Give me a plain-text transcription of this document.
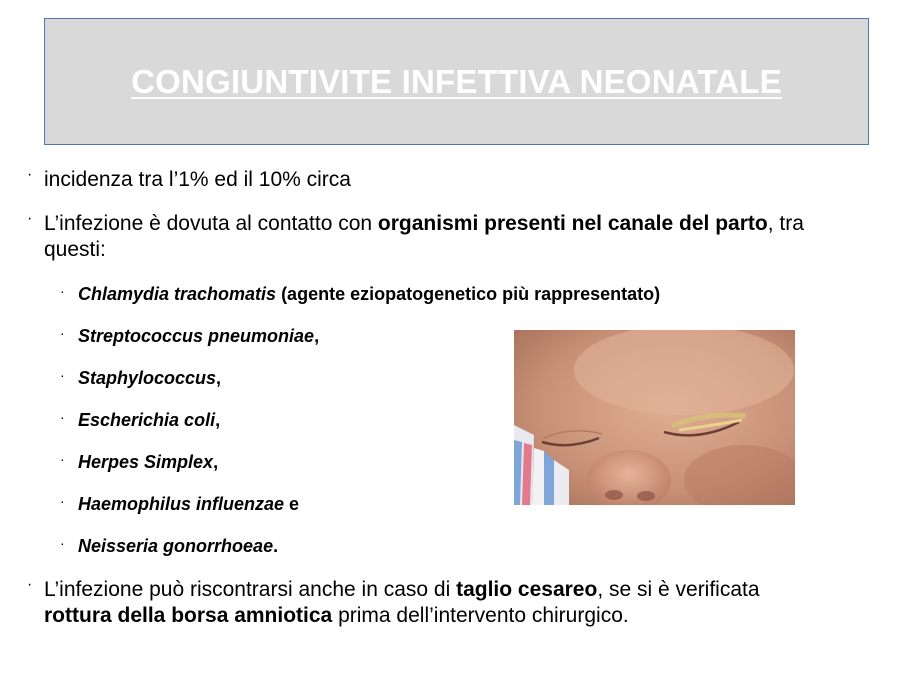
CONGIUNTIVITE INFETTIVA NEONATALE
· incidenza tra l’1% ed il 10% circa
· L’infezione è dovuta al contatto con organismi presenti nel canale del parto, tra
questi:
· Chlamydia trachomatis (agente eziopatogenetico più rappresentato)
· Streptococcus pneumoniae,
· Staphylococcus,
· Escherichia coli,
· Herpes Simplex,
· Haemophilus influenzae e
· Neisseria gonorrhoeae.
· L’infezione può riscontrarsi anche in caso di taglio cesareo, se si è verificata
rottura della borsa amniotica prima dell’intervento chirurgico.
